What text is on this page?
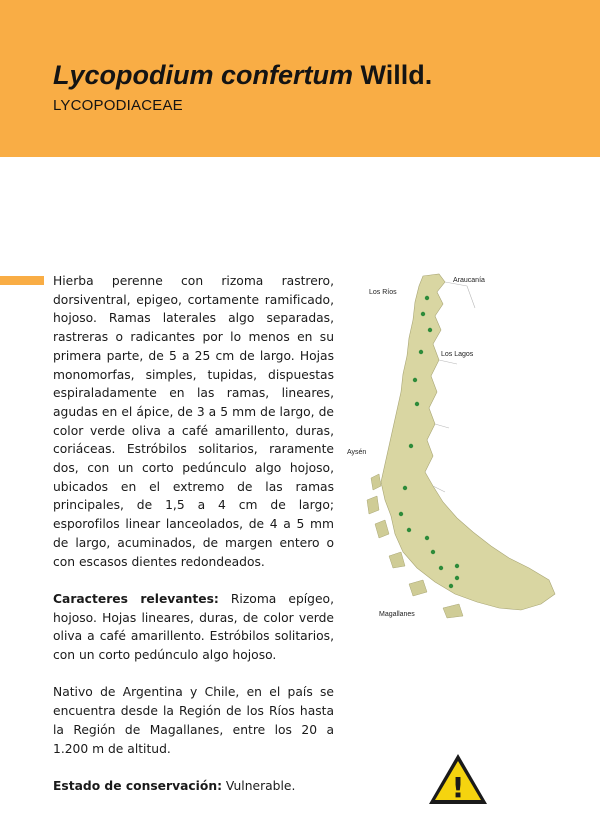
Lycopodium confertum Willd.
LYCOPODIACEAE

Hierba perenne con rizoma rastrero, dorsiventral, epigeo, cortamente ramificado, hojoso. Ramas laterales algo separadas, rastreras o radicantes por lo menos en su primera parte, de 5 a 25 cm de largo. Hojas monomorfas, simples, tupidas, dispuestas espiraladamente en las ramas, lineares, agudas en el ápice, de 3 a 5 mm de largo, de color verde oliva a café amarillento, duras, coriáceas. Estróbilos solitarios, raramente dos, con un corto pedúnculo algo hojoso, ubicados en el extremo de las ramas principales, de 1,5 a 4 cm de largo; esporofilos linear lanceolados, de 4 a 5 mm de largo, acuminados, de margen entero o con escasos dientes redondeados.

Caracteres relevantes: Rizoma epígeo, hojoso. Hojas lineares, duras, de color verde oliva a café amarillento. Estróbilos solitarios, con un corto pedúnculo algo hojoso.

Nativo de Argentina y Chile, en el país se encuentra desde la Región de los Ríos hasta la Región de Magallanes, entre los 20 a 1.200 m de altitud.

Estado de conservación: Vulnerable.

Araucanía
Los Ríos
Los Lagos
Aysén
Magallanes
!
